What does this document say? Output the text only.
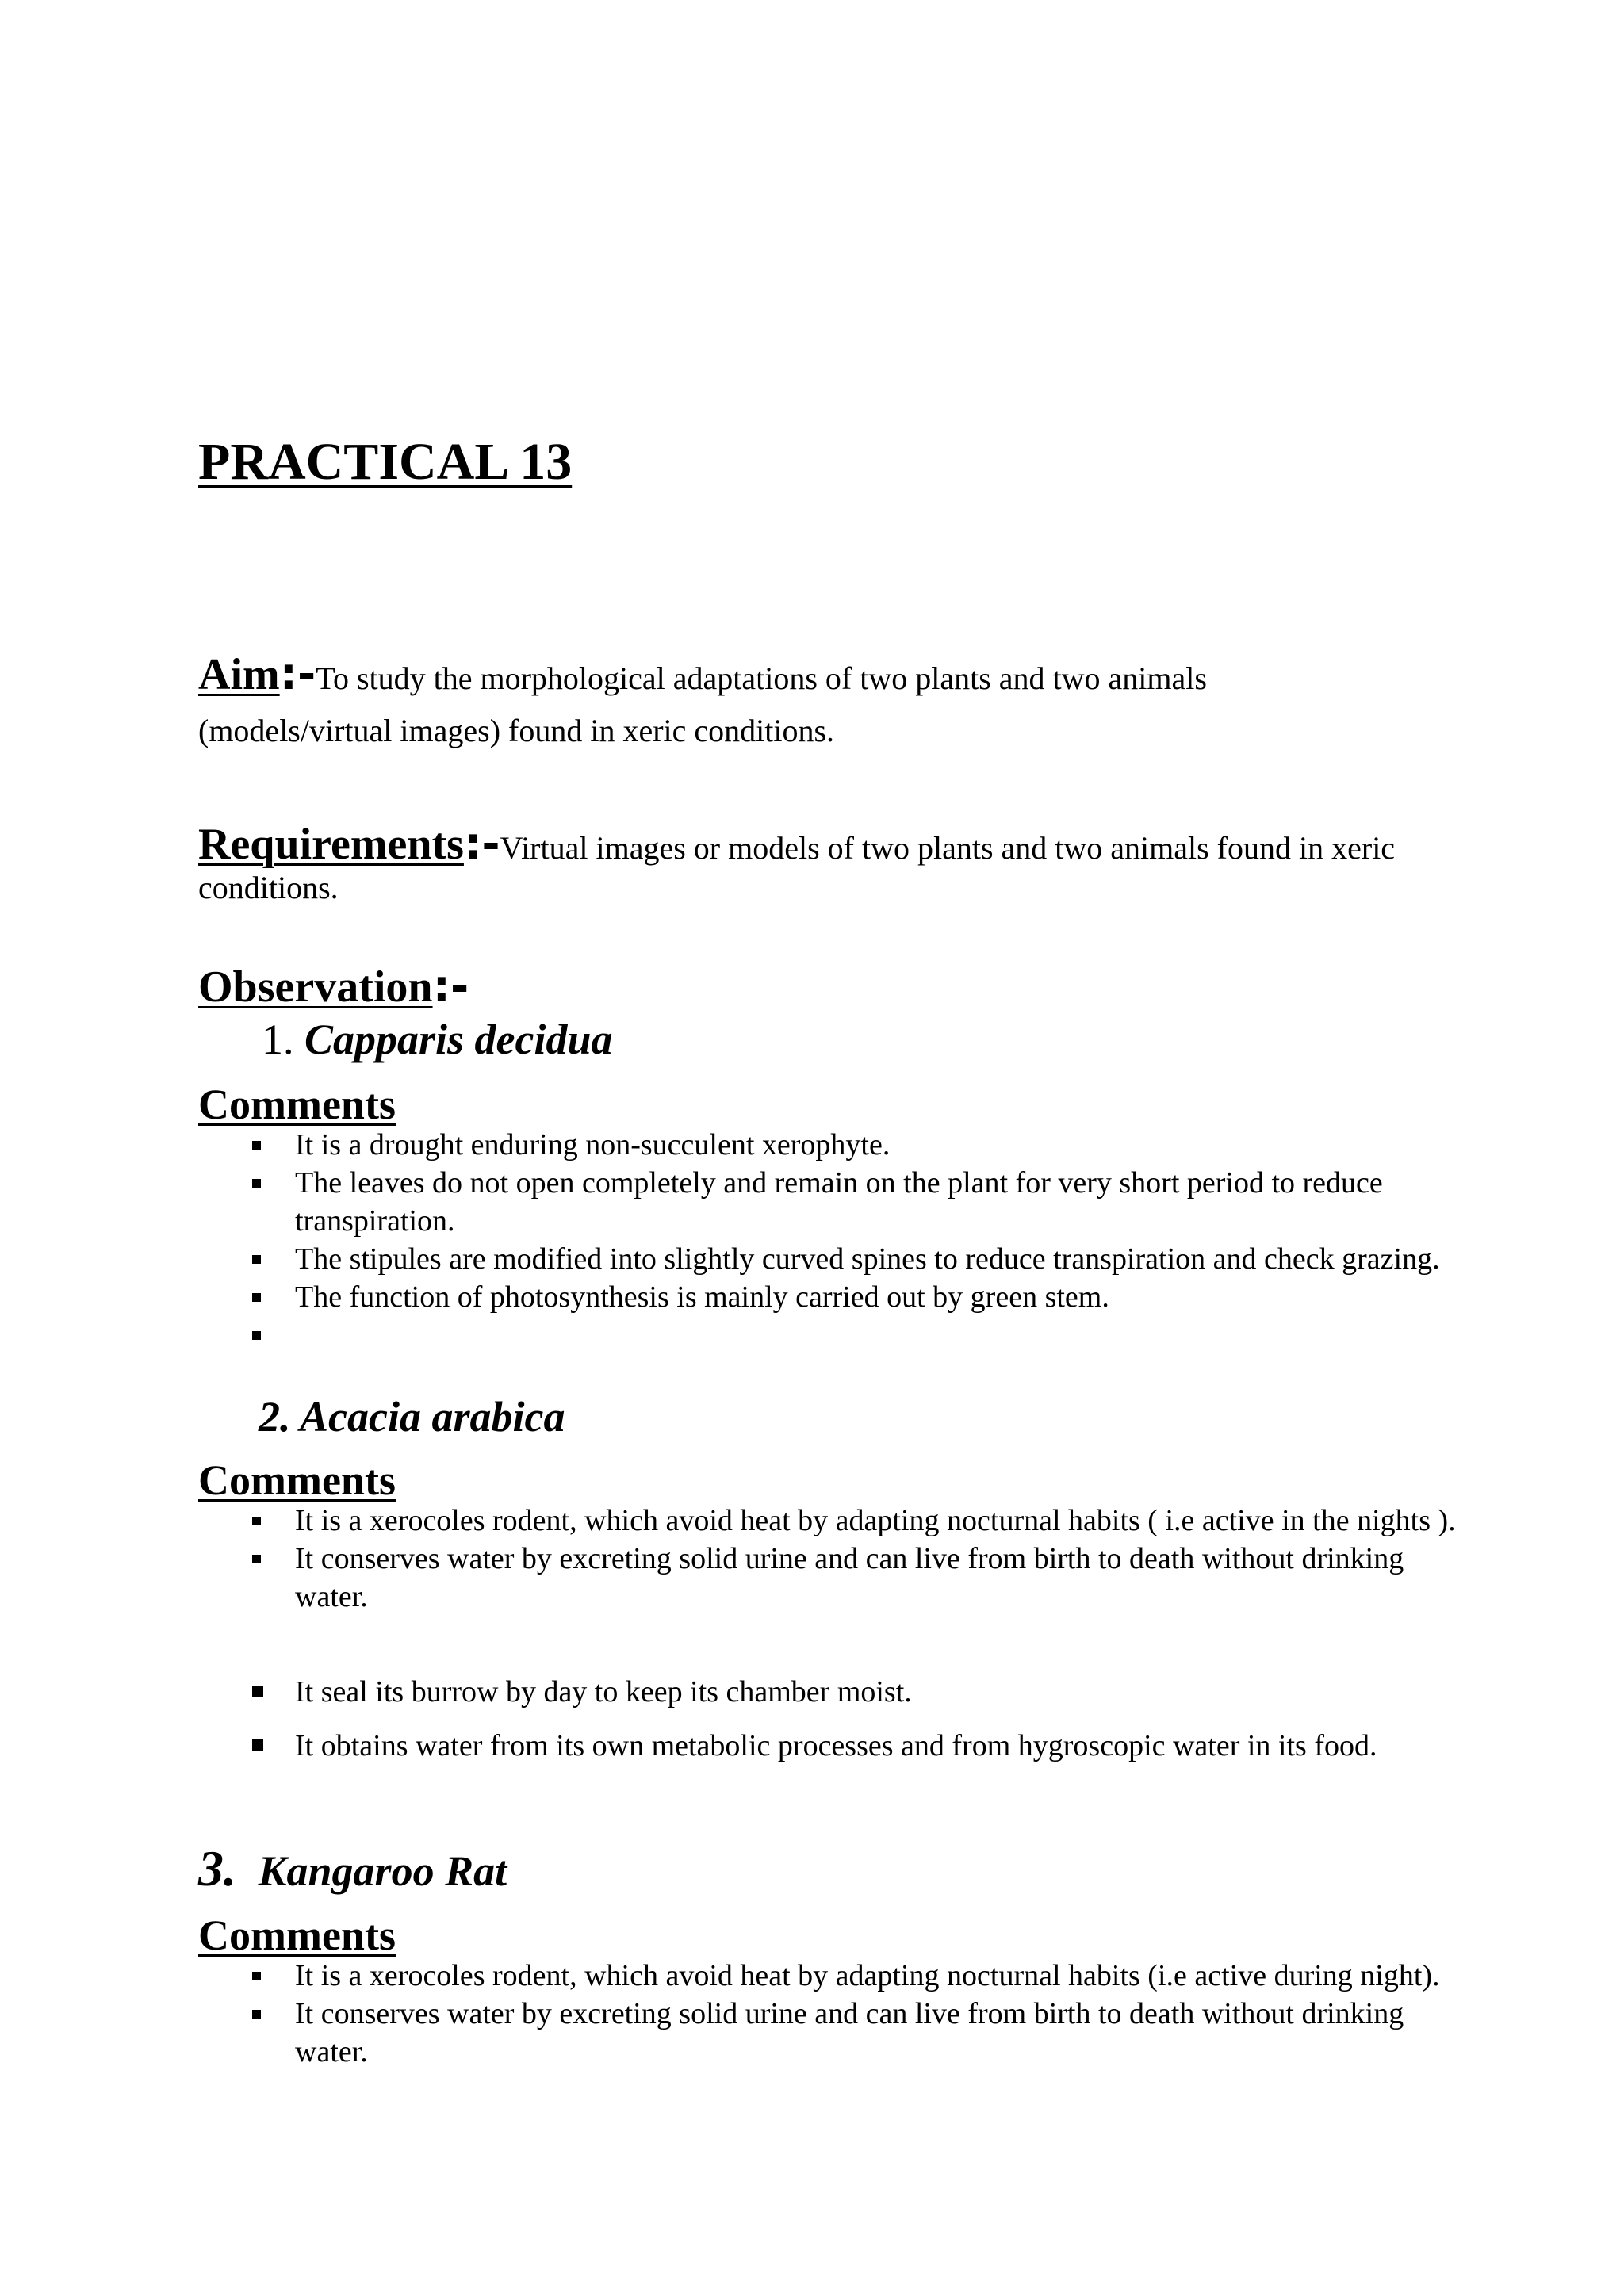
PRACTICAL 13
Aim:-To study the morphological adaptations of two plants and two animals
(models/virtual images) found in xeric conditions.
Requirements:-Virtual images or models of two plants and two animals found in xeric
conditions.
Observation:-
1. Capparis decidua
Comments
It is a drought enduring non-succulent xerophyte.
The leaves do not open completely and remain on the plant for very short period to reduce transpiration.
The stipules are modified into slightly curved spines to reduce transpiration and check grazing.
The function of photosynthesis is mainly carried out by green stem.
2. Acacia arabica
Comments
It is a xerocoles rodent, which avoid heat by adapting nocturnal habits ( i.e active in the nights ).
It conserves water by excreting solid urine and can live from birth to death without drinking water.
It seal its burrow by day to keep its chamber moist.
It obtains water from its own metabolic processes and from hygroscopic water in its food.
3. Kangaroo Rat
Comments
It is a xerocoles rodent, which avoid heat by adapting nocturnal habits (i.e active during night).
It conserves water by excreting solid urine and can live from birth to death without drinking water.
